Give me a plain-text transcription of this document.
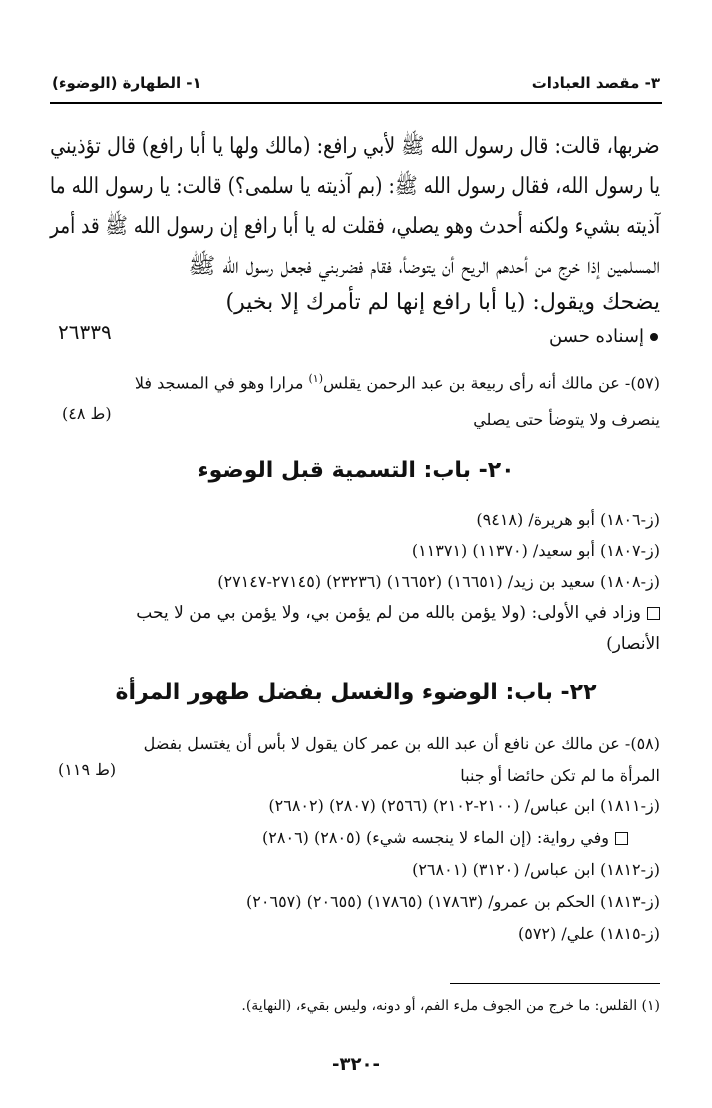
٣- مقصد العبادات
١- الطهارة (الوضوء)
ضربها، قالت: قال رسول الله ﷺ لأبي رافع: (مالك ولها يا أبا رافع) قال تؤذيني
يا رسول الله، فقال رسول الله ﷺ: (بم آذيته يا سلمى؟) قالت: يا رسول الله ما
آذيته بشيء ولكنه أحدث وهو يصلي، فقلت له يا أبا رافع إن رسول الله ﷺ قد أمر
المسلمين إذا خرج من أحدهم الريح أن يتوضأ، فقام فضربني فجعل رسول الله ﷺ
يضحك ويقول: (يا أبا رافع إنها لم تأمرك إلا بخير)
إسناده حسن
٢٦٣٣٩
(٥٧)- عن مالك أنه رأى ربيعة بن عبد الرحمن يقلس$^{(١)}$ مرارا وهو في المسجد فلا
ينصرف ولا يتوضأ حتى يصلي
(ط ٤٨)
٢٠- باب: التسمية قبل الوضوء
(ز-١٨٠٦) أبو هريرة/ (٩٤١٨)
(ز-١٨٠٧) أبو سعيد/ (١١٣٧٠) (١١٣٧١)
(ز-١٨٠٨) سعيد بن زيد/ (١٦٦٥١) (١٦٦٥٢) (٢٣٢٣٦) (٢٧١٤٥-٢٧١٤٧)
وزاد في الأولى: (ولا يؤمن بالله من لم يؤمن بي، ولا يؤمن بي من لا يحب
الأنصار)
٢٢- باب: الوضوء والغسل بفضل طهور المرأة
(٥٨)- عن مالك عن نافع أن عبد الله بن عمر كان يقول لا بأس أن يغتسل بفضل
المرأة ما لم تكن حائضا أو جنبا
(ط ١١٩)
(ز-١٨١١) ابن عباس/ (٢١٠٠-٢١٠٢) (٢٥٦٦) (٢٨٠٧) (٢٦٨٠٢)
وفي رواية: (إن الماء لا ينجسه شيء) (٢٨٠٥) (٢٨٠٦)
(ز-١٨١٢) ابن عباس/ (٣١٢٠) (٢٦٨٠١)
(ز-١٨١٣) الحكم بن عمرو/ (١٧٨٦٣) (١٧٨٦٥) (٢٠٦٥٥) (٢٠٦٥٧)
(ز-١٨١٥) علي/ (٥٧٢)
(١) القلس: ما خرج من الجوف ملء الفم، أو دونه، وليس بقيء، (النهاية).
-٣٢٠-
